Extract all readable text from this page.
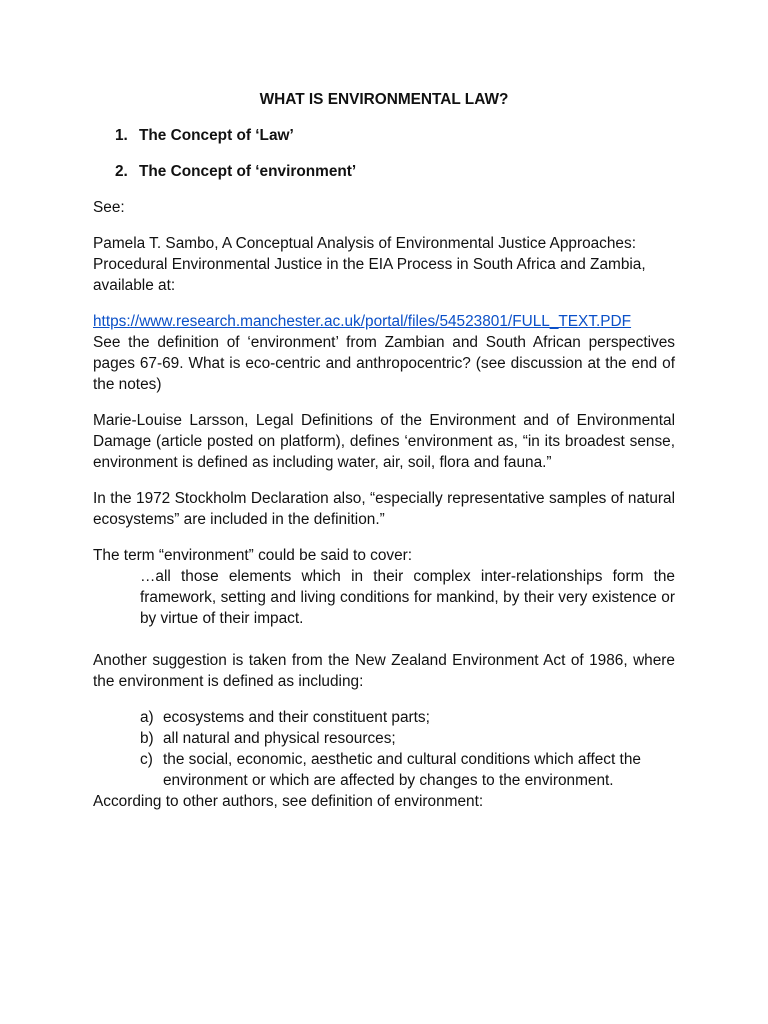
WHAT IS ENVIRONMENTAL LAW?

1. The Concept of ‘Law’
2. The Concept of ‘environment’

See:

Pamela T. Sambo, A Conceptual Analysis of Environmental Justice Approaches: Procedural Environmental Justice in the EIA Process in South Africa and Zambia, available at:

https://www.research.manchester.ac.uk/portal/files/54523801/FULL_TEXT.PDF

See the definition of ‘environment’ from Zambian and South African perspectives pages 67-69. What is eco-centric and anthropocentric? (see discussion at the end of the notes)

Marie-Louise Larsson, Legal Definitions of the Environment and of Environmental Damage (article posted on platform), defines ‘environment as, “in its broadest sense, environment is defined as including water, air, soil, flora and fauna.”

In the 1972 Stockholm Declaration also, “especially representative samples of natural ecosystems” are included in the definition.”

The term “environment” could be said to cover:

…all those elements which in their complex inter-relationships form the framework, setting and living conditions for mankind, by their very existence or by virtue of their impact.

Another suggestion is taken from the New Zealand Environment Act of 1986, where the environment is defined as including:

a) ecosystems and their constituent parts;
b) all natural and physical resources;
c) the social, economic, aesthetic and cultural conditions which affect the environment or which are affected by changes to the environment.

According to other authors, see definition of environment:
